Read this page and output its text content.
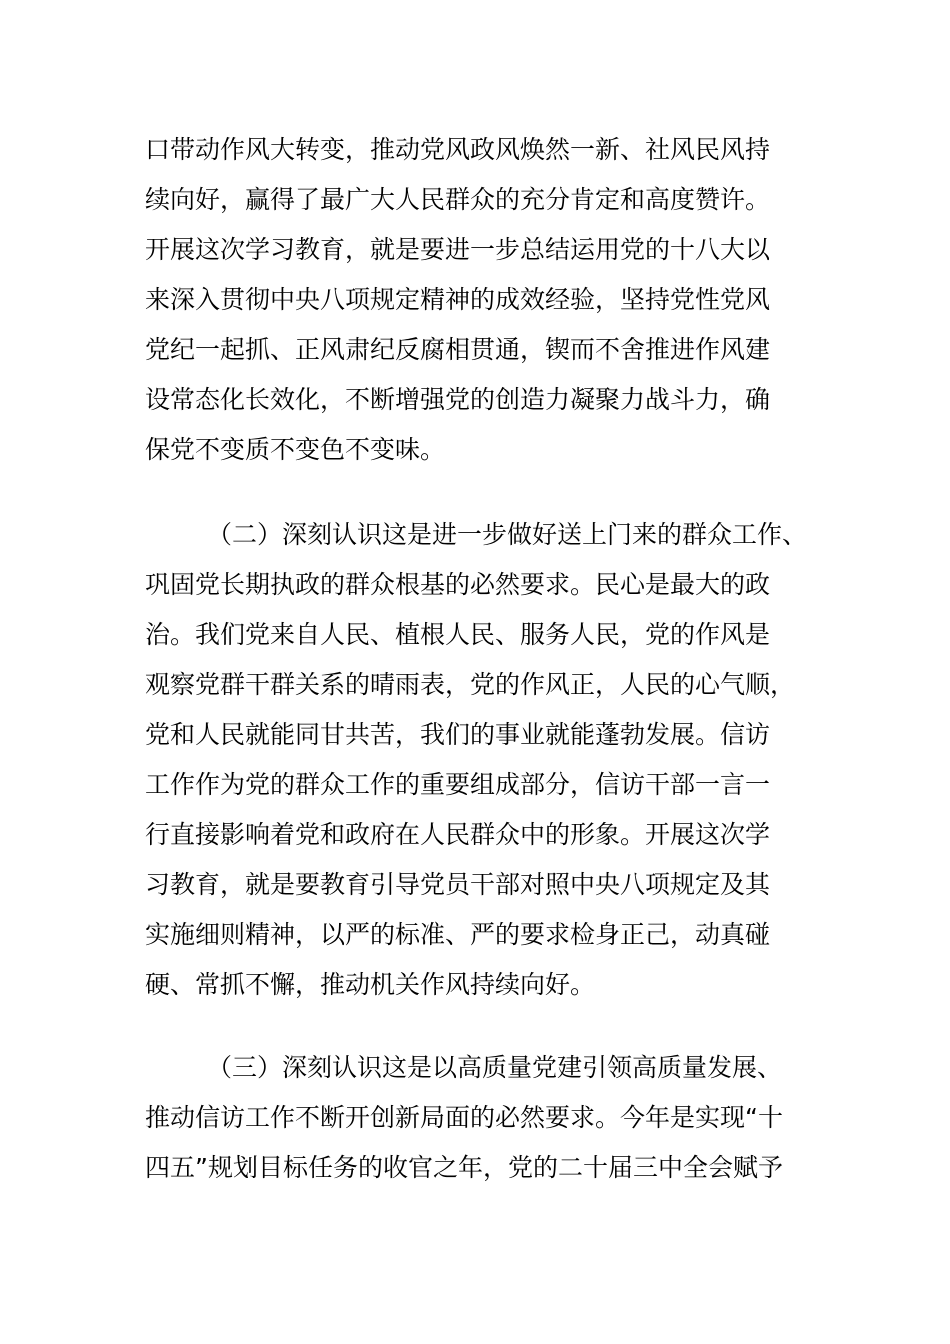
口带动作风大转变，推动党风政风焕然一新、社风民风持
续向好，赢得了最广大人民群众的充分肯定和高度赞许。
开展这次学习教育，就是要进一步总结运用党的十八大以
来深入贯彻中央八项规定精神的成效经验，坚持党性党风
党纪一起抓、正风肃纪反腐相贯通，锲而不舍推进作风建
设常态化长效化，不断增强党的创造力凝聚力战斗力，确
保党不变质不变色不变味。
（二）深刻认识这是进一步做好送上门来的群众工作、
巩固党长期执政的群众根基的必然要求。民心是最大的政
治。我们党来自人民、植根人民、服务人民，党的作风是
观察党群干群关系的晴雨表，党的作风正，人民的心气顺，
党和人民就能同甘共苦，我们的事业就能蓬勃发展。信访
工作作为党的群众工作的重要组成部分，信访干部一言一
行直接影响着党和政府在人民群众中的形象。开展这次学
习教育，就是要教育引导党员干部对照中央八项规定及其
实施细则精神，以严的标准、严的要求检身正己，动真碰
硬、常抓不懈，推动机关作风持续向好。
（三）深刻认识这是以高质量党建引领高质量发展、
推动信访工作不断开创新局面的必然要求。今年是实现“十
四五”规划目标任务的收官之年，党的二十届三中全会赋予
